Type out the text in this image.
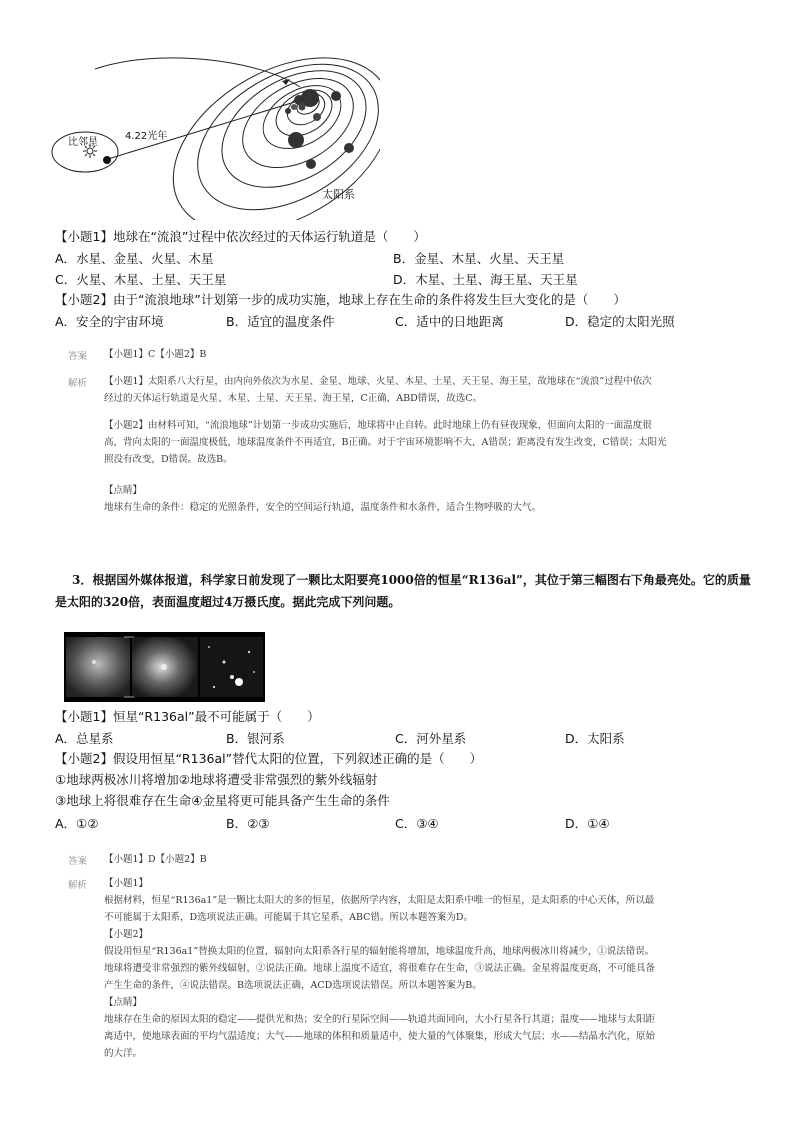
比邻星
4.22光年
太阳系
【小题1】地球在“流浪”过程中依次经过的天体运行轨道是（　　）
A．水星、金星、火星、木星	B．金星、木星、火星、天王星
C．火星、木星、土星、天王星	D．木星、土星、海王星、天王星
【小题2】由于“流浪地球”计划第一步的成功实施，地球上存在生命的条件将发生巨大变化的是（　　）
A．安全的宇宙环境	B．适宜的温度条件	C．适中的日地距离	D．稳定的太阳光照
答案 【小题1】C【小题2】B
解析 【小题1】太阳系八大行星，由内向外依次为水星、金星、地球、火星、木星、土星、天王星、海王星，故地球在“流浪”过程中依次
经过的天体运行轨道是火星、木星、土星、天王星、海王星，C正确，ABD错误，故选C。
【小题2】由材料可知，“流浪地球”计划第一步成功实施后，地球将中止自转。此时地球上仍有昼夜现象，但面向太阳的一面温度很
高，背向太阳的一面温度极低，地球温度条件不再适宜，B正确。对于宇宙环境影响不大，A错误；距离没有发生改变，C错误；太阳光
照没有改变，D错误。故选B。
【点睛】
地球有生命的条件：稳定的光照条件，安全的空间运行轨道，温度条件和水条件，适合生物呼吸的大气。
3．根据国外媒体报道，科学家日前发现了一颗比太阳要亮1000倍的恒星“R136al”，其位于第三幅图右下角最亮处。它的质量
是太阳的320倍，表面温度超过4万摄氏度。据此完成下列问题。
【小题1】恒星“R136al”最不可能属于（　　）
A．总星系	B．银河系	C．河外星系	D．太阳系
【小题2】假设用恒星“R136al”替代太阳的位置，下列叙述正确的是（　　）
①地球两极冰川将增加②地球将遭受非常强烈的紫外线辐射
③地球上将很难存在生命④金星将更可能具备产生生命的条件
A．①②	B．②③	C．③④	D．①④
答案 【小题1】D【小题2】B
解析 【小题1】
根据材料，恒星“R136a1”是一颗比太阳大的多的恒星，依据所学内容，太阳是太阳系中唯一的恒星，是太阳系的中心天体，所以最
不可能属于太阳系，D选项说法正确。可能属于其它星系，ABC错。所以本题答案为D。
【小题2】
假设用恒星“R136a1”替换太阳的位置，辐射向太阳系各行星的辐射能将增加，地球温度升高，地球两极冰川将减少，①说法错误。
地球将遭受非常强烈的紫外线辐射，②说法正确。地球上温度不适宜，将很难存在生命，③说法正确。金星将温度更高，不可能具备
产生生命的条件，④说法错误。B选项说法正确，ACD选项说法错误。所以本题答案为B。
【点睛】
地球存在生命的原因太阳的稳定——提供光和热；安全的行星际空间——轨道共面同向，大小行星各行其道；温度——地球与太阳距
离适中，使地球表面的平均气温适度；大气——地球的体积和质量适中，使大量的气体聚集，形成大气层；水——结晶水汽化，原始
的大洋。
